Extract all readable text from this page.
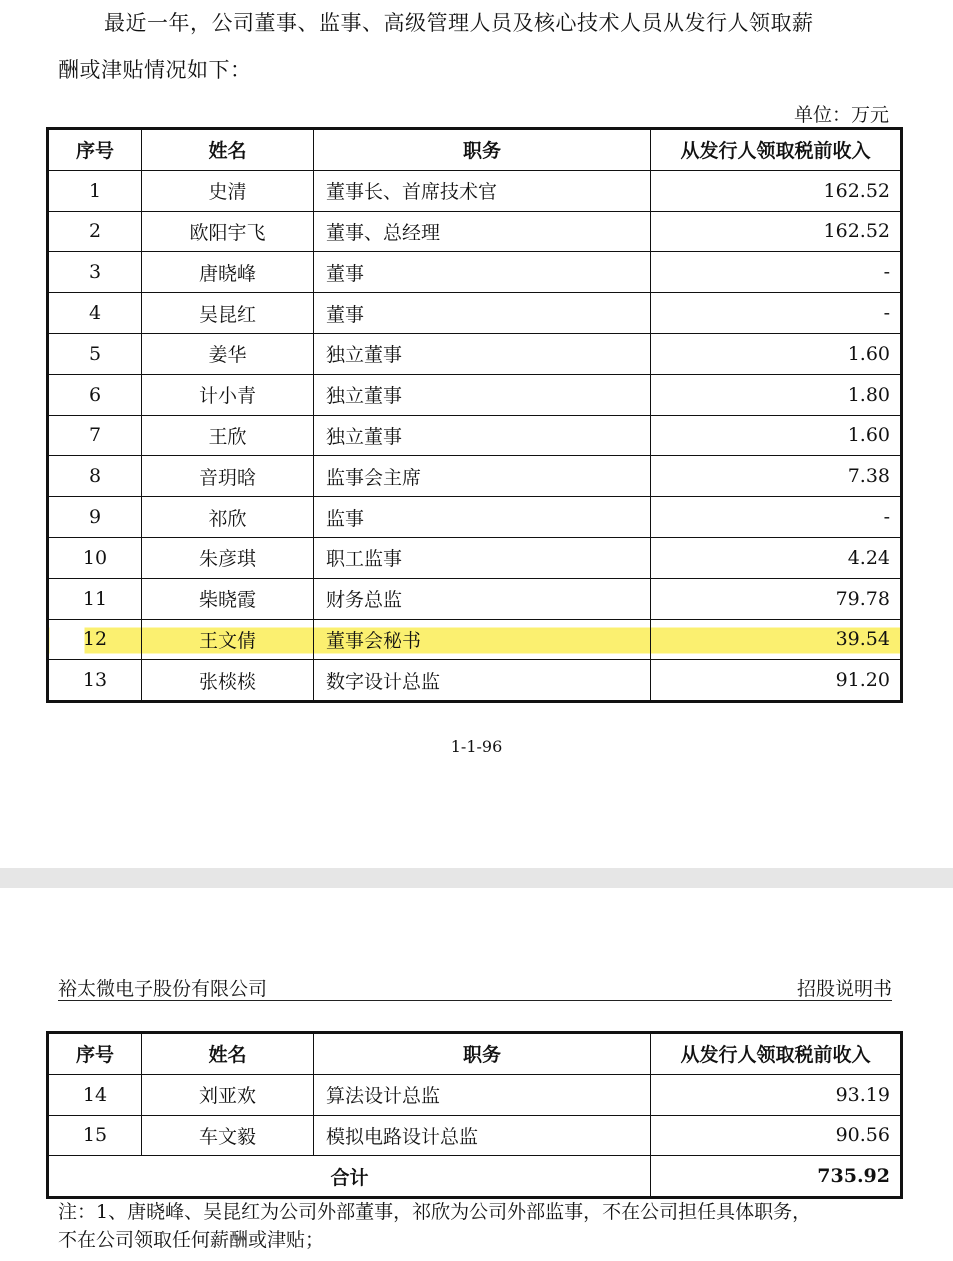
最近一年，公司董事、监事、高级管理人员及核心技术人员从发行人领取薪
酬或津贴情况如下：
单位：万元
序号	姓名	职务	从发行人领取税前收入
1	史清	董事长、首席技术官	162.52
2	欧阳宇飞	董事、总经理	162.52
3	唐晓峰	董事	-
4	吴昆红	董事	-
5	姜华	独立董事	1.60
6	计小青	独立董事	1.80
7	王欣	独立董事	1.60
8	音玥晗	监事会主席	7.38
9	祁欣	监事	-
10	朱彦琪	职工监事	4.24
11	柴晓霞	财务总监	79.78
12	王文倩	董事会秘书	39.54
13	张棪棪	数字设计总监	91.20
1-1-96
裕太微电子股份有限公司	招股说明书
序号	姓名	职务	从发行人领取税前收入
14	刘亚欢	算法设计总监	93.19
15	车文毅	模拟电路设计总监	90.56
合计			735.92
注：1、唐晓峰、吴昆红为公司外部董事，祁欣为公司外部监事，不在公司担任具体职务，
不在公司领取任何薪酬或津贴；
